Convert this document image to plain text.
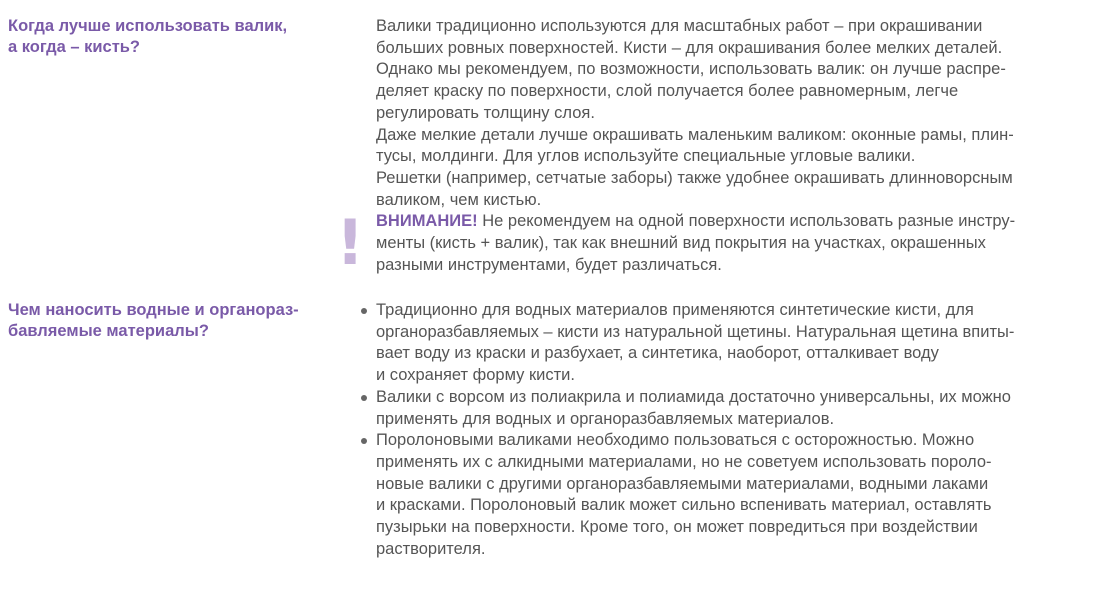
Когда лучше использовать валик,
а когда – кисть?
Валики традиционно используются для масштабных работ – при окрашивании
больших ровных поверхностей. Кисти – для окрашивания более мелких деталей.
Однако мы рекомендуем, по возможности, использовать валик: он лучше распре-
деляет краску по поверхности, слой получается более равномерным, легче
регулировать толщину слоя.
Даже мелкие детали лучше окрашивать маленьким валиком: оконные рамы, плин-
тусы, молдинги. Для углов используйте специальные угловые валики.
Решетки (например, сетчатые заборы) также удобнее окрашивать длинноворсным
валиком, чем кистью.
ВНИМАНИЕ! Не рекомендуем на одной поверхности использовать разные инстру-
менты (кисть + валик), так как внешний вид покрытия на участках, окрашенных
разными инструментами, будет различаться.
!
Чем наносить водные и органораз-
бавляемые материалы?
Традиционно для водных материалов применяются синтетические кисти, для
органоразбавляемых – кисти из натуральной щетины. Натуральная щетина впиты-
вает воду из краски и разбухает, а синтетика, наоборот, отталкивает воду
и сохраняет форму кисти.
Валики с ворсом из полиакрила и полиамида достаточно универсальны, их можно
применять для водных и органоразбавляемых материалов.
Поролоновыми валиками необходимо пользоваться с осторожностью. Можно
применять их с алкидными материалами, но не советуем использовать пороло-
новые валики с другими органоразбавляемыми материалами, водными лаками
и красками. Поролоновый валик может сильно вспенивать материал, оставлять
пузырьки на поверхности. Кроме того, он может повредиться при воздействии
растворителя.
